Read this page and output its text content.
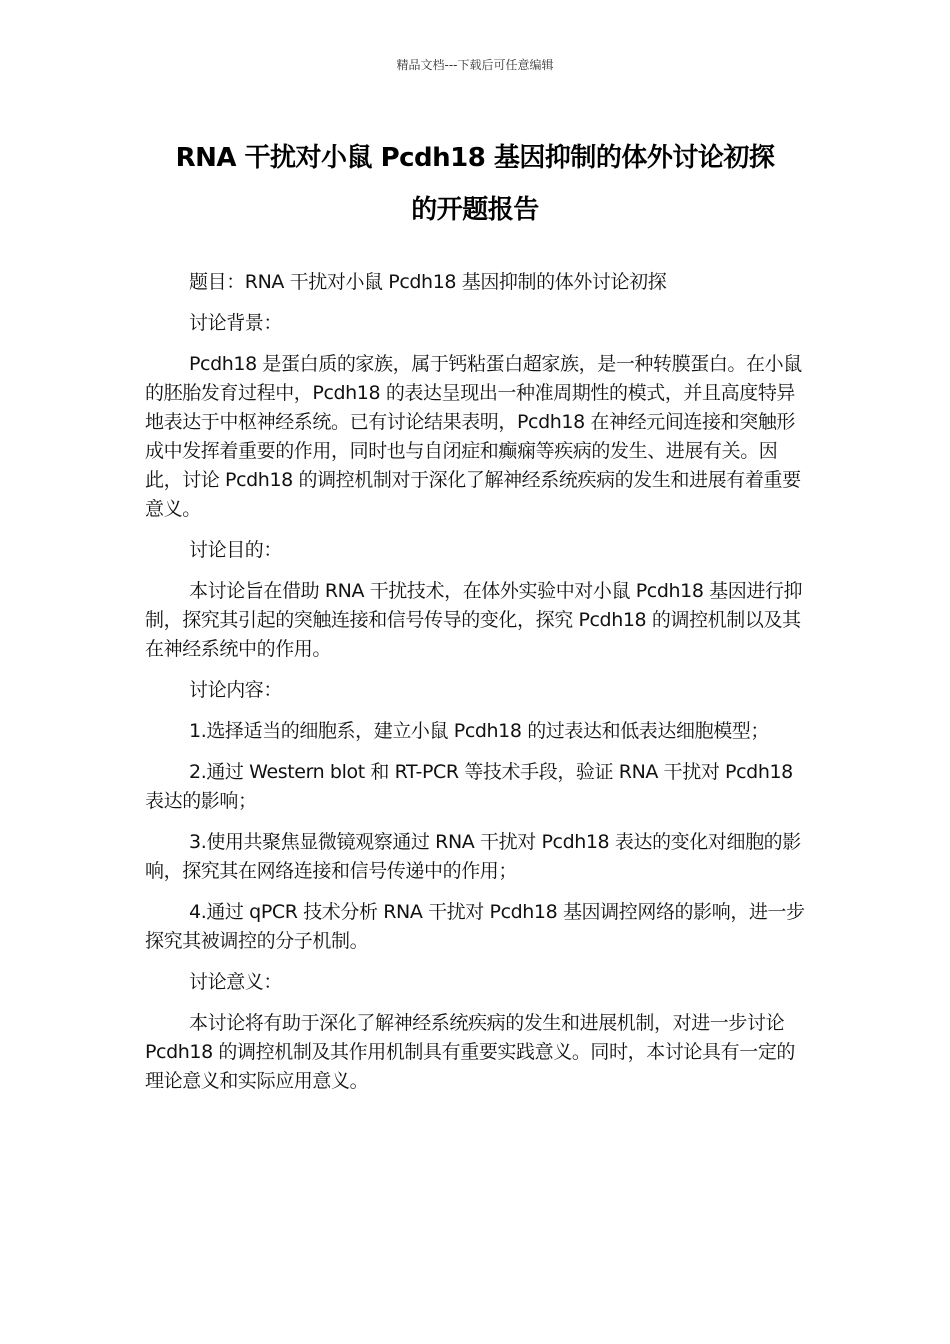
精品文档---下载后可任意编辑
RNA 干扰对小鼠 Pcdh18 基因抑制的体外讨论初探
的开题报告

题目：RNA 干扰对小鼠 Pcdh18 基因抑制的体外讨论初探

讨论背景：

Pcdh18 是蛋白质的家族，属于钙粘蛋白超家族，是一种转膜蛋白。在小鼠的胚胎发育过程中，Pcdh18 的表达呈现出一种准周期性的模式，并且高度特异地表达于中枢神经系统。已有讨论结果表明，Pcdh18 在神经元间连接和突触形成中发挥着重要的作用，同时也与自闭症和癫痫等疾病的发生、进展有关。因此，讨论 Pcdh18 的调控机制对于深化了解神经系统疾病的发生和进展有着重要意义。

讨论目的：

本讨论旨在借助 RNA 干扰技术，在体外实验中对小鼠 Pcdh18 基因进行抑制，探究其引起的突触连接和信号传导的变化，探究 Pcdh18 的调控机制以及其在神经系统中的作用。

讨论内容：

1.选择适当的细胞系，建立小鼠 Pcdh18 的过表达和低表达细胞模型；

2.通过 Western blot 和 RT-PCR 等技术手段，验证 RNA 干扰对 Pcdh18 表达的影响；

3.使用共聚焦显微镜观察通过 RNA 干扰对 Pcdh18 表达的变化对细胞的影响，探究其在网络连接和信号传递中的作用；

4.通过 qPCR 技术分析 RNA 干扰对 Pcdh18 基因调控网络的影响，进一步探究其被调控的分子机制。

讨论意义：

本讨论将有助于深化了解神经系统疾病的发生和进展机制，对进一步讨论 Pcdh18 的调控机制及其作用机制具有重要实践意义。同时，本讨论具有一定的理论意义和实际应用意义。
